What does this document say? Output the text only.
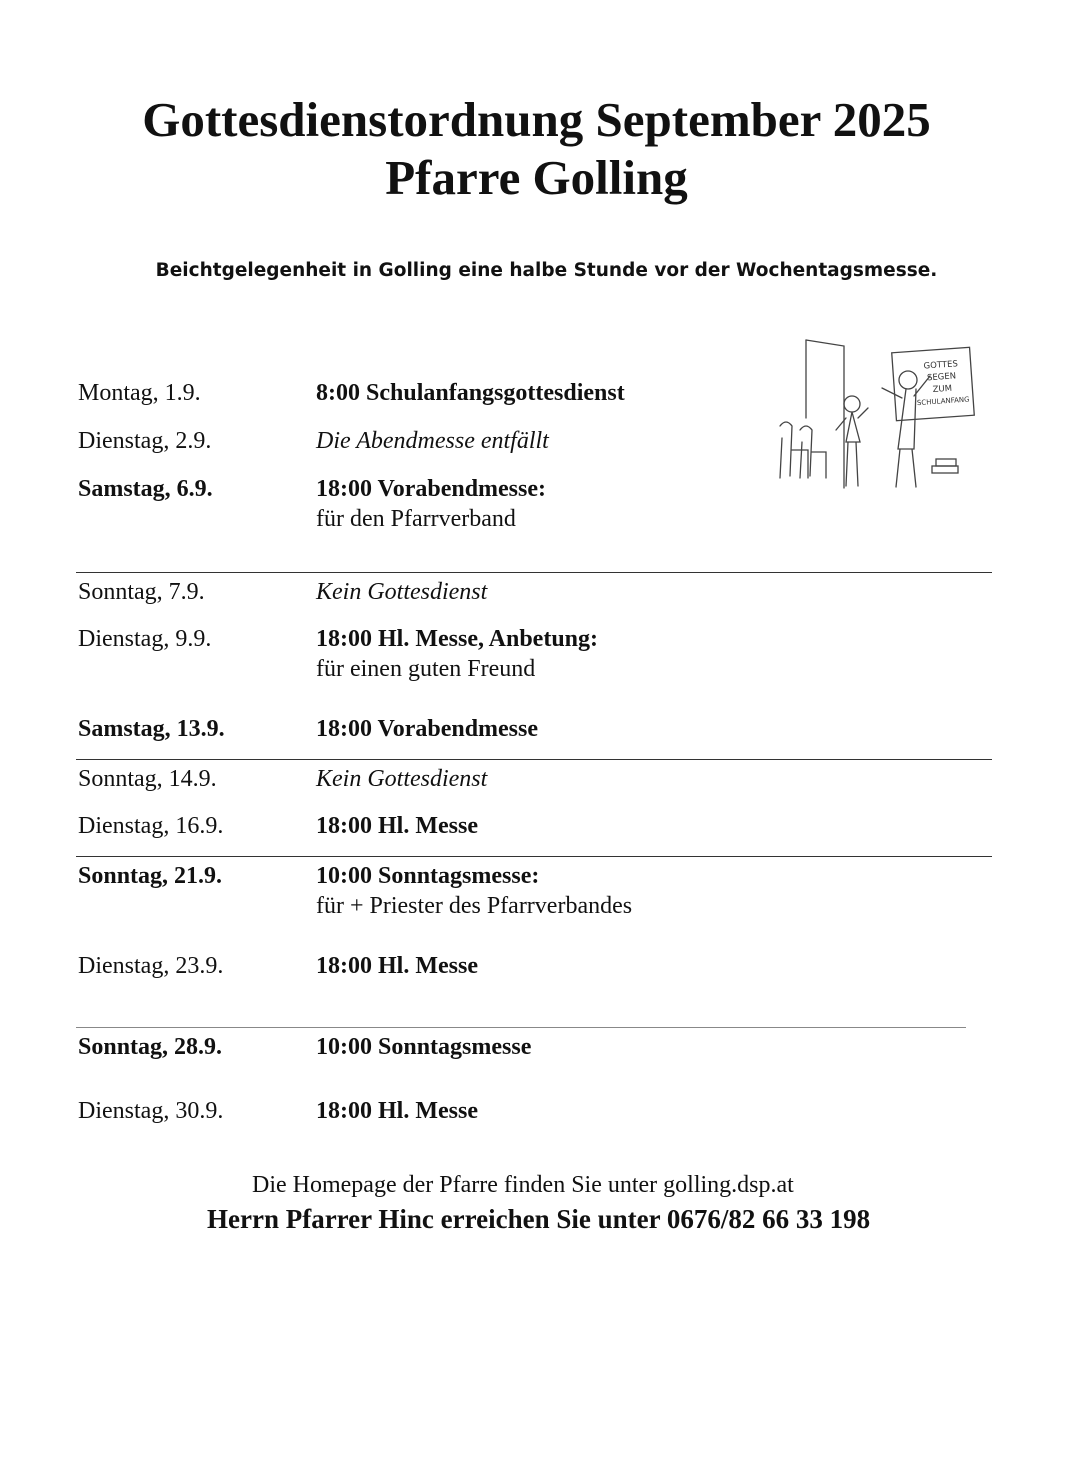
Gottesdienstordnung September 2025
Pfarre Golling
Beichtgelegenheit in Golling eine halbe Stunde vor der Wochentagsmesse.
GOTTES
SEGEN
ZUM
SCHULANFANG
Montag, 1.9.	8:00 Schulanfangsgottesdienst
Dienstag, 2.9.	Die Abendmesse entfällt
Samstag, 6.9.	18:00 Vorabendmesse:
für den Pfarrverband
Sonntag, 7.9.	Kein Gottesdienst
Dienstag, 9.9.	18:00 Hl. Messe, Anbetung:
für einen guten Freund
Samstag, 13.9.	18:00 Vorabendmesse
Sonntag, 14.9.	Kein Gottesdienst
Dienstag, 16.9.	18:00 Hl. Messe
Sonntag, 21.9.	10:00 Sonntagsmesse:
für + Priester des Pfarrverbandes
Dienstag, 23.9.	18:00 Hl. Messe
Sonntag, 28.9.	10:00 Sonntagsmesse
Dienstag, 30.9.	18:00 Hl. Messe
Die Homepage der Pfarre finden Sie unter golling.dsp.at
Herrn Pfarrer Hinc erreichen Sie unter 0676/82 66 33 198
